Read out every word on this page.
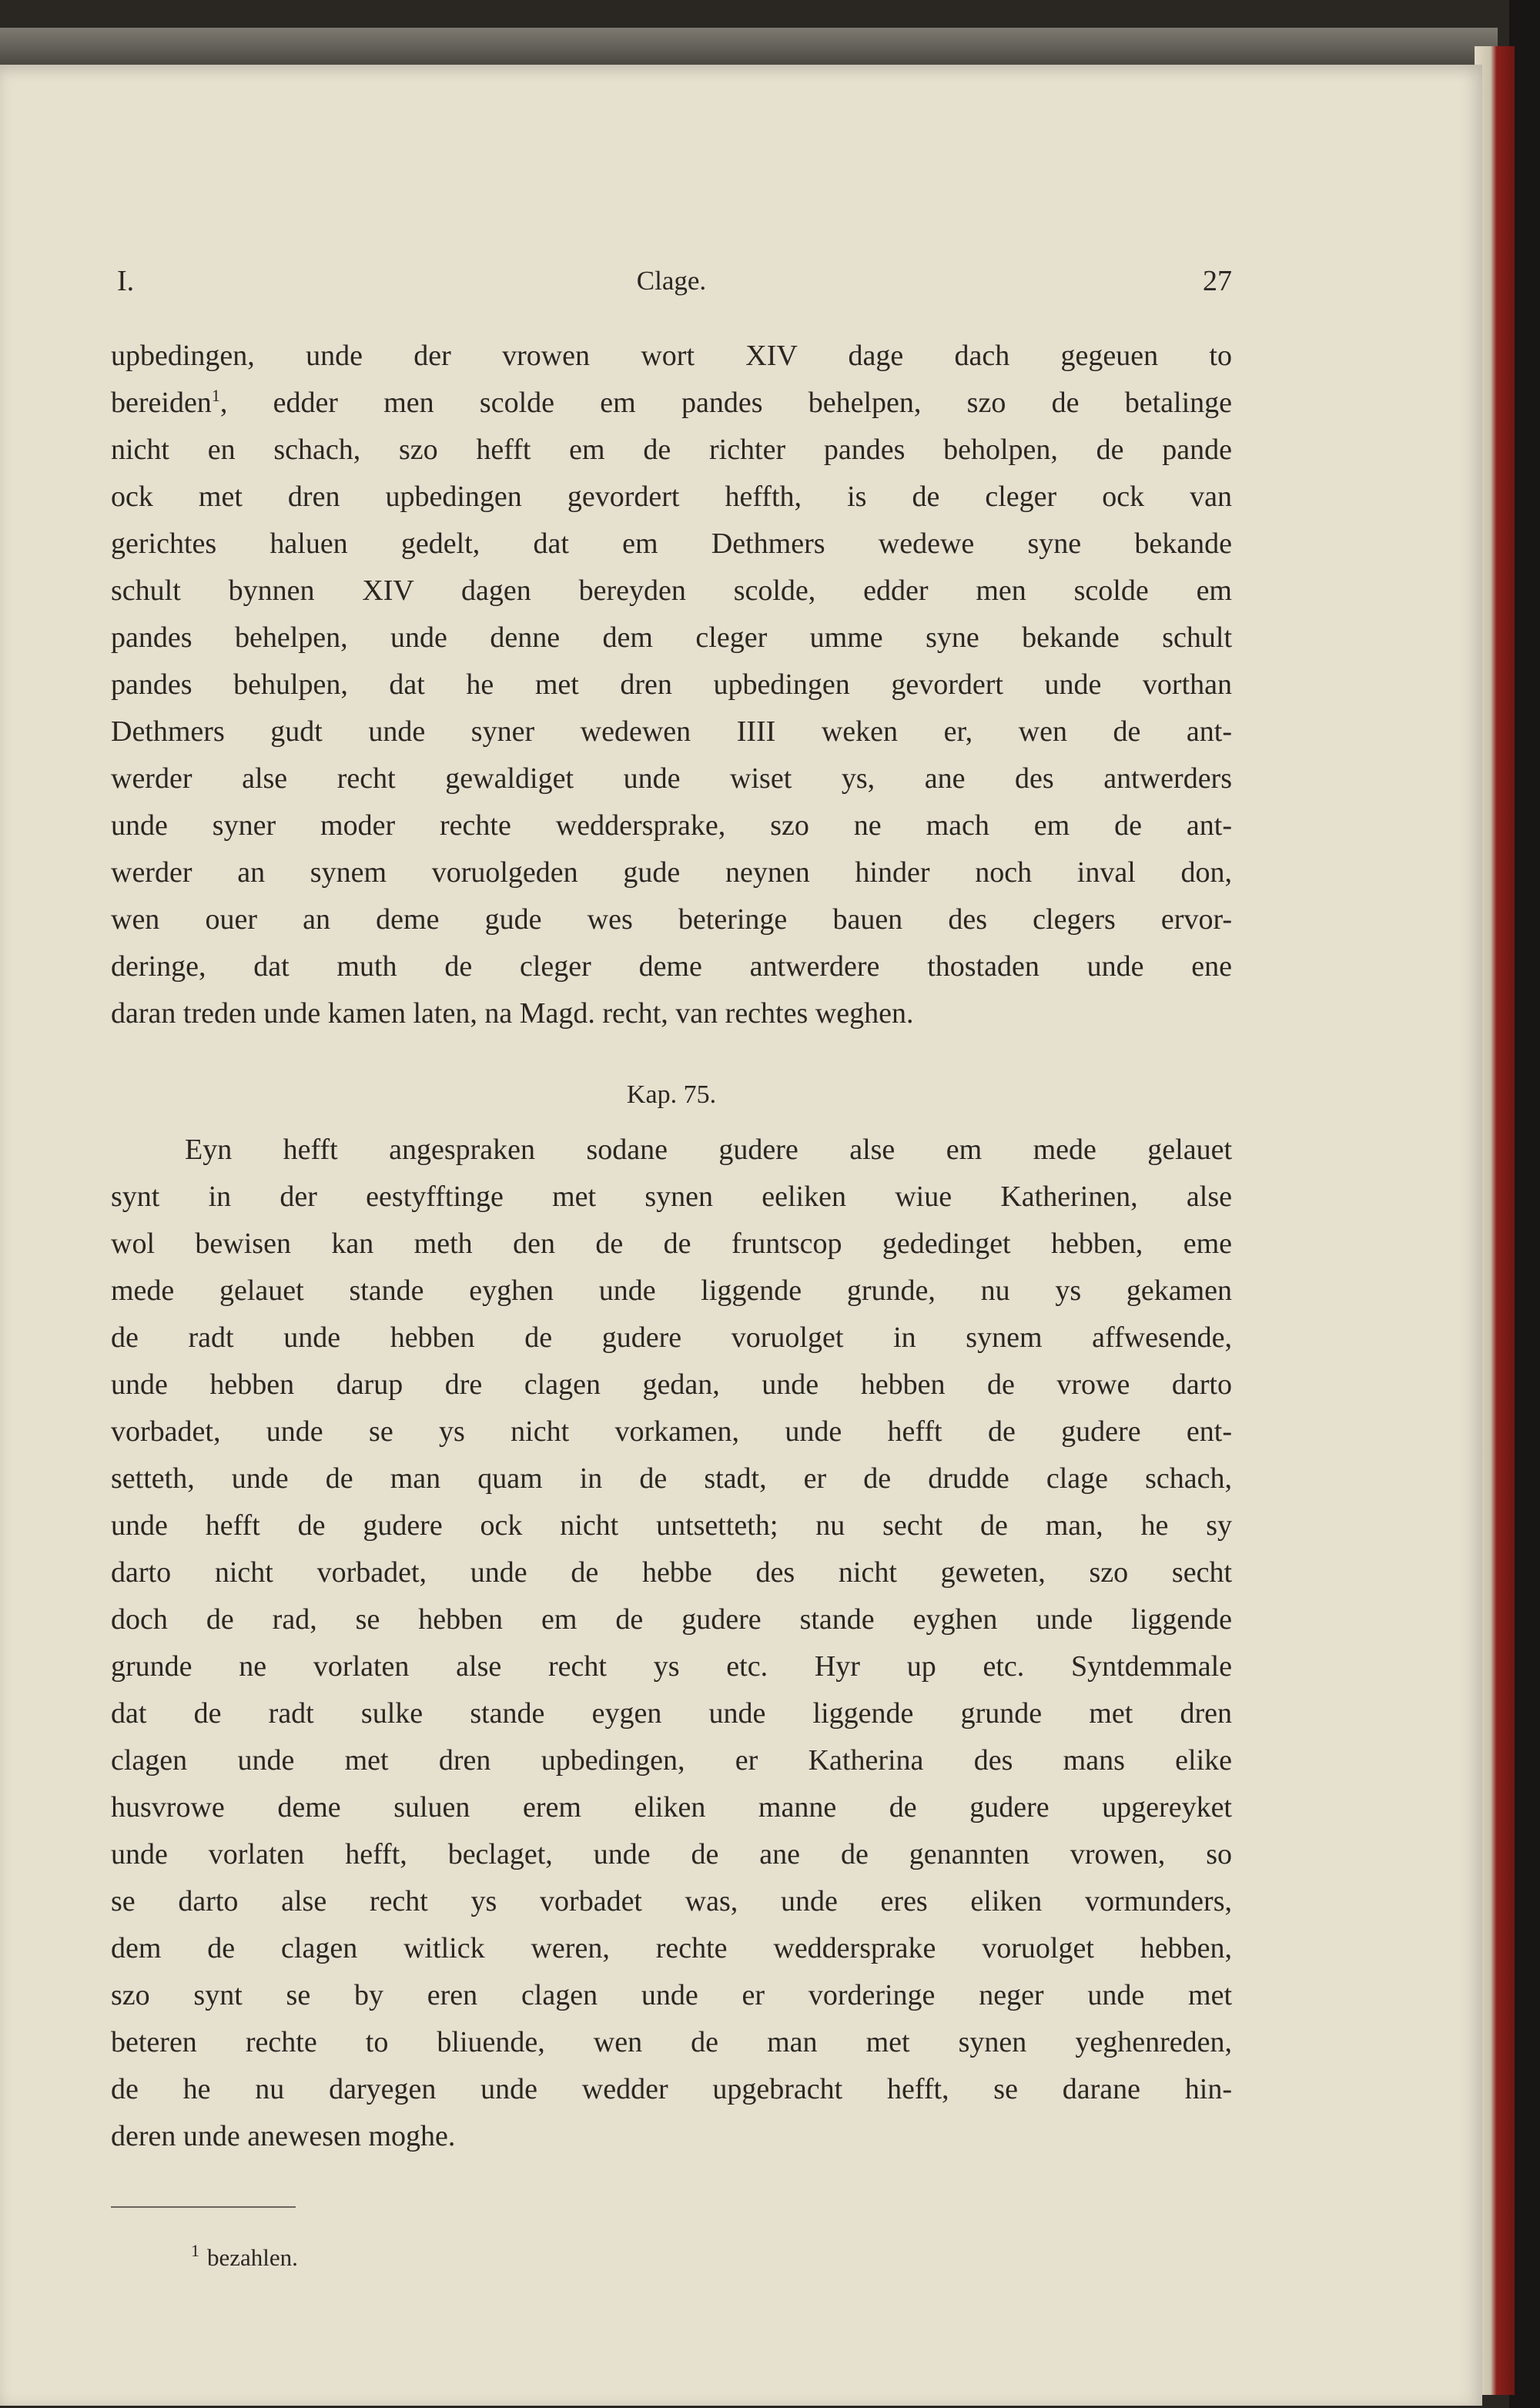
I.	Clage.	27

upbedingen, unde der vrowen wort XIV dage dach gegeuen to
bereiden$^1$, edder men scolde em pandes behelpen, szo de betalinge
nicht en schach, szo hefft em de richter pandes beholpen, de pande
ock met dren upbedingen gevordert heffth, is de cleger ock van
gerichtes haluen gedelt, dat em Dethmers wedewe syne bekande
schult bynnen XIV dagen bereyden scolde, edder men scolde em
pandes behelpen, unde denne dem cleger umme syne bekande schult
pandes behulpen, dat he met dren upbedingen gevordert unde vorthan
Dethmers gudt unde syner wedewen IIII weken er, wen de ant-
werder alse recht gewaldiget unde wiset ys, ane des antwerders
unde syner moder rechte weddersprake, szo ne mach em de ant-
werder an synem voruolgeden gude neynen hinder noch inval don,
wen ouer an deme gude wes beteringe bauen des clegers ervor-
deringe, dat muth de cleger deme antwerdere thostaden unde ene
daran treden unde kamen laten, na Magd. recht, van rechtes weghen.

Kap. 75.

Eyn hefft angespraken sodane gudere alse em mede gelauet
synt in der eestyfftinge met synen eeliken wiue Katherinen, alse
wol bewisen kan meth den de de fruntscop gededinget hebben, eme
mede gelauet stande eyghen unde liggende grunde, nu ys gekamen
de radt unde hebben de gudere voruolget in synem affwesende,
unde hebben darup dre clagen gedan, unde hebben de vrowe darto
vorbadet, unde se ys nicht vorkamen, unde hefft de gudere ent-
setteth, unde de man quam in de stadt, er de drudde clage schach,
unde hefft de gudere ock nicht untsetteth; nu secht de man, he sy
darto nicht vorbadet, unde de hebbe des nicht geweten, szo secht
doch de rad, se hebben em de gudere stande eyghen unde liggende
grunde ne vorlaten alse recht ys etc. Hyr up etc. Syntdemmale
dat de radt sulke stande eygen unde liggende grunde met dren
clagen unde met dren upbedingen, er Katherina des mans elike
husvrowe deme suluen erem eliken manne de gudere upgereyket
unde vorlaten hefft, beclaget, unde de ane de genannten vrowen, so
se darto alse recht ys vorbadet was, unde eres eliken vormunders,
dem de clagen witlick weren, rechte weddersprake voruolget hebben,
szo synt se by eren clagen unde er vorderinge neger unde met
beteren rechte to bliuende, wen de man met synen yeghenreden,
de he nu daryegen unde wedder upgebracht hefft, se darane hin-
deren unde anewesen moghe.

$^1$ bezahlen.
